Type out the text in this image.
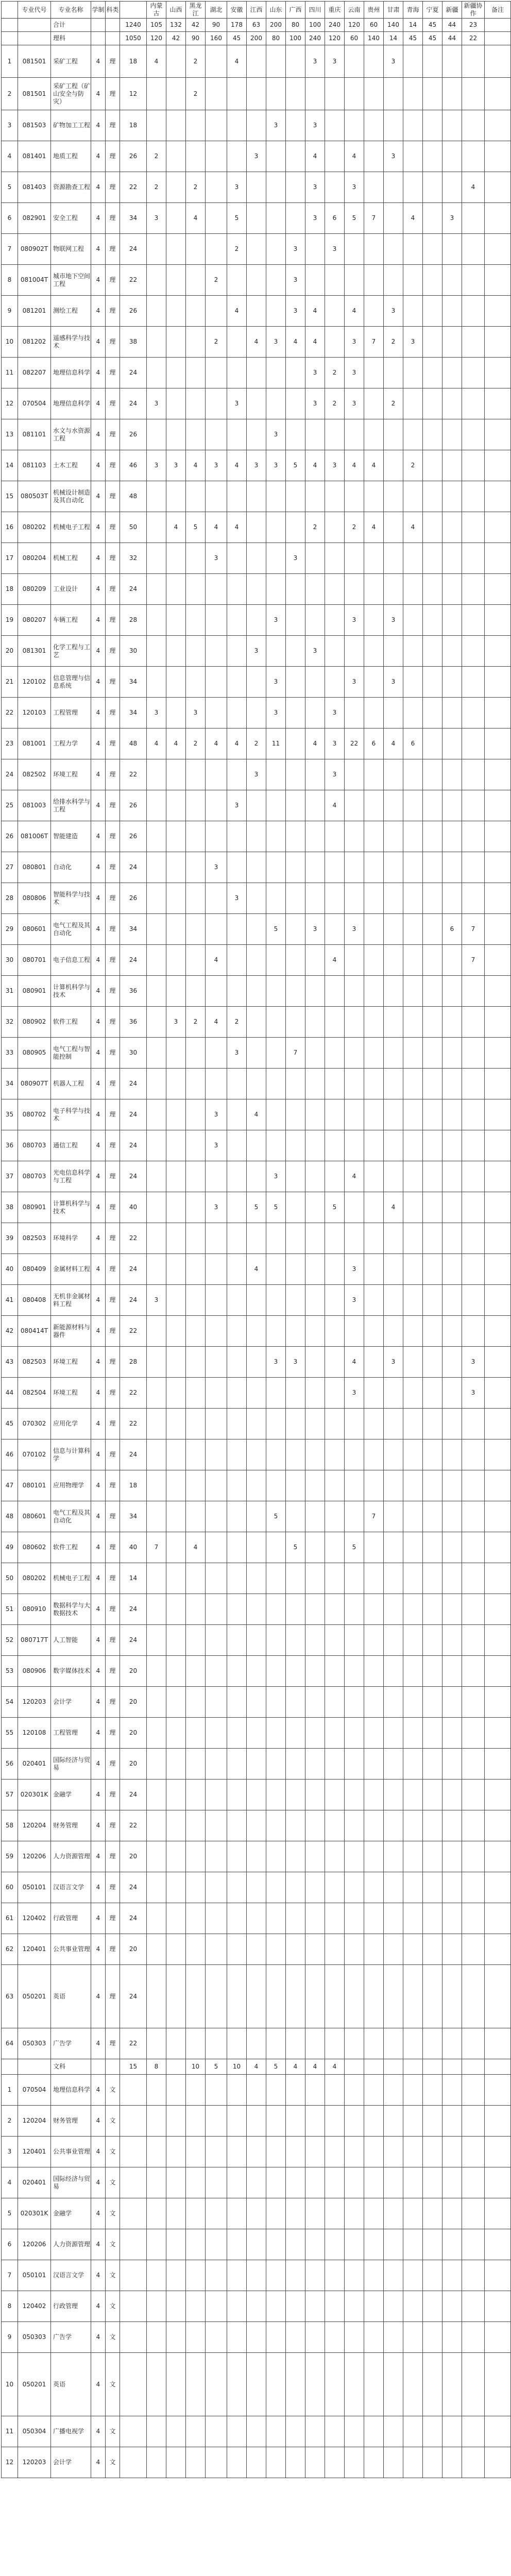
	专业代号	专业名称	学制	科类		内蒙古	山西	黑龙江	湖北	安徽	江西	山东	广西	四川	重庆	云南	贵州	甘肃	青海	宁夏	新疆	新疆协作	备注	
		合计			1240	105	132	42	90	178	63	200	80	100	240	120	60	140	14	45	44	23		
		理科			1050	120	42	90	160	45	200	80	100	240	120	60	140	14	45	45	44	22		
1	081501	采矿工程	4	理	18	4		2		4				3	3			3						
2	081501	采矿工程（矿山安全与防灾）	4	理	12			2																
3	081503	矿物加工工程	4	理	18							3		3										
4	081401	地质工程	4	理	26	2					3			4		4		3						
5	081403	资源勘查工程	4	理	22	2		2		3				3		3						4		
6	082901	安全工程	4	理	34	3		4		5				3	6	5	7		4		3			
7	080902T	物联网工程	4	理	24					2			3		3									
8	081004T	城市地下空间工程	4	理	22				2				3											
9	081201	测绘工程	4	理	26					4			3	4		4		3						
10	081202	遥感科学与技术	4	理	38				2		4	3	4	4		3	7	2	3					
11	082207	地理信息科学	4	理	24									3	2	3								
12	070504	地理信息科学	4	理	24	3				3				3	2	3		2						
13	081101	水文与水资源工程	4	理	26							3												
14	081103	土木工程	4	理	46	3	3	4	3	4	3	3	5	4	3	4	4		2					
15	080503T	机械设计制造及其自动化	4	理	48																			
16	080202	机械电子工程	4	理	50		4	5	4	4				2		2	4		4					
17	080204	机械工程	4	理	32				3				3											
18	080209	工业设计	4	理	24																			
19	080207	车辆工程	4	理	28							3				3		3						
20	081301	化学工程与工艺	4	理	30						3			3										
21	120102	信息管理与信息系统	4	理	34							3				3		3						
22	120103	工程管理	4	理	34	3		3				3			3									
23	081001	工程力学	4	理	48	4	4	2	4	4	2	11		4	3	22	6	4	6					
24	082502	环境工程	4	理	22						3				3									
25	081003	给排水科学与工程	4	理	26					3					4									
26	081006T	智能建造	4	理	26																			
27	080801	自动化	4	理	24				3															
28	080806	智能科学与技术	4	理	26					3														
29	080601	电气工程及其自动化	4	理	34							5		3		3					6	7		
30	080701	电子信息工程	4	理	24				4						4							7		
31	080901	计算机科学与技术	4	理	36																			
32	080902	软件工程	4	理	36		3	2	4	2														
33	080905	电气工程与智能控制	4	理	30					3			7											
34	080907T	机器人工程	4	理	24																			
35	080702	电子科学与技术	4	理	24				3		4													
36	080703	通信工程	4	理	24				3															
37	080703	光电信息科学与工程	4	理	24							3				4								
38	080901	计算机科学与技术	4	理	40				3		5	5			5			4						
39	082503	环境科学	4	理	22																			
40	080409	金属材料工程	4	理	24						4					3								
41	080408	无机非金属材料工程	4	理	24	3										3								
42	080414T	新能源材料与器件	4	理	22																			
43	082503	环境工程	4	理	28							3	3			4		3				3		
44	082504	环境工程	4	理	22											3						3		
45	070302	应用化学	4	理	22																			
46	070102	信息与计算科学	4	理	24																			
47	080101	应用物理学	4	理	18																			
48	080601	电气工程及其自动化	4	理	34							5					7							
49	080602	软件工程	4	理	40	7		4					5			5								
50	080202	机械电子工程	4	理	14																			
51	080910	数据科学与大数据技术	4	理	24																			
52	080717T	人工智能	4	理	24																			
53	080906	数字媒体技术	4	理	20																			
54	120203	会计学	4	理	20																			
55	120108	工程管理	4	理	20																			
56	020401	国际经济与贸易	4	理	20																			
57	020301K	金融学	4	理	24																			
58	120204	财务管理	4	理	22																			
59	120206	人力资源管理	4	理	20																			
60	050101	汉语言文学	4	理	24																			
61	120402	行政管理	4	理	24																			
62	120401	公共事业管理	4	理	20																			
63	050201	英语	4	理	24																			
64	050303	广告学	4	理	22																			
		文科			15	8		10	5	10	4	5	4	4	4									
1	070504	地理信息科学	4	文																				
2	120204	财务管理	4	文																				
3	120401	公共事业管理	4	文																				
4	020401	国际经济与贸易	4	文																				
5	020301K	金融学	4	文																				
6	120206	人力资源管理	4	文																				
7	050101	汉语言文学	4	文																				
8	120402	行政管理	4	文																				
9	050303	广告学	4	文																				
10	050201	英语	4	文																				
11	050304	广播电视学	4	文																				
12	120203	会计学	4	文																				
